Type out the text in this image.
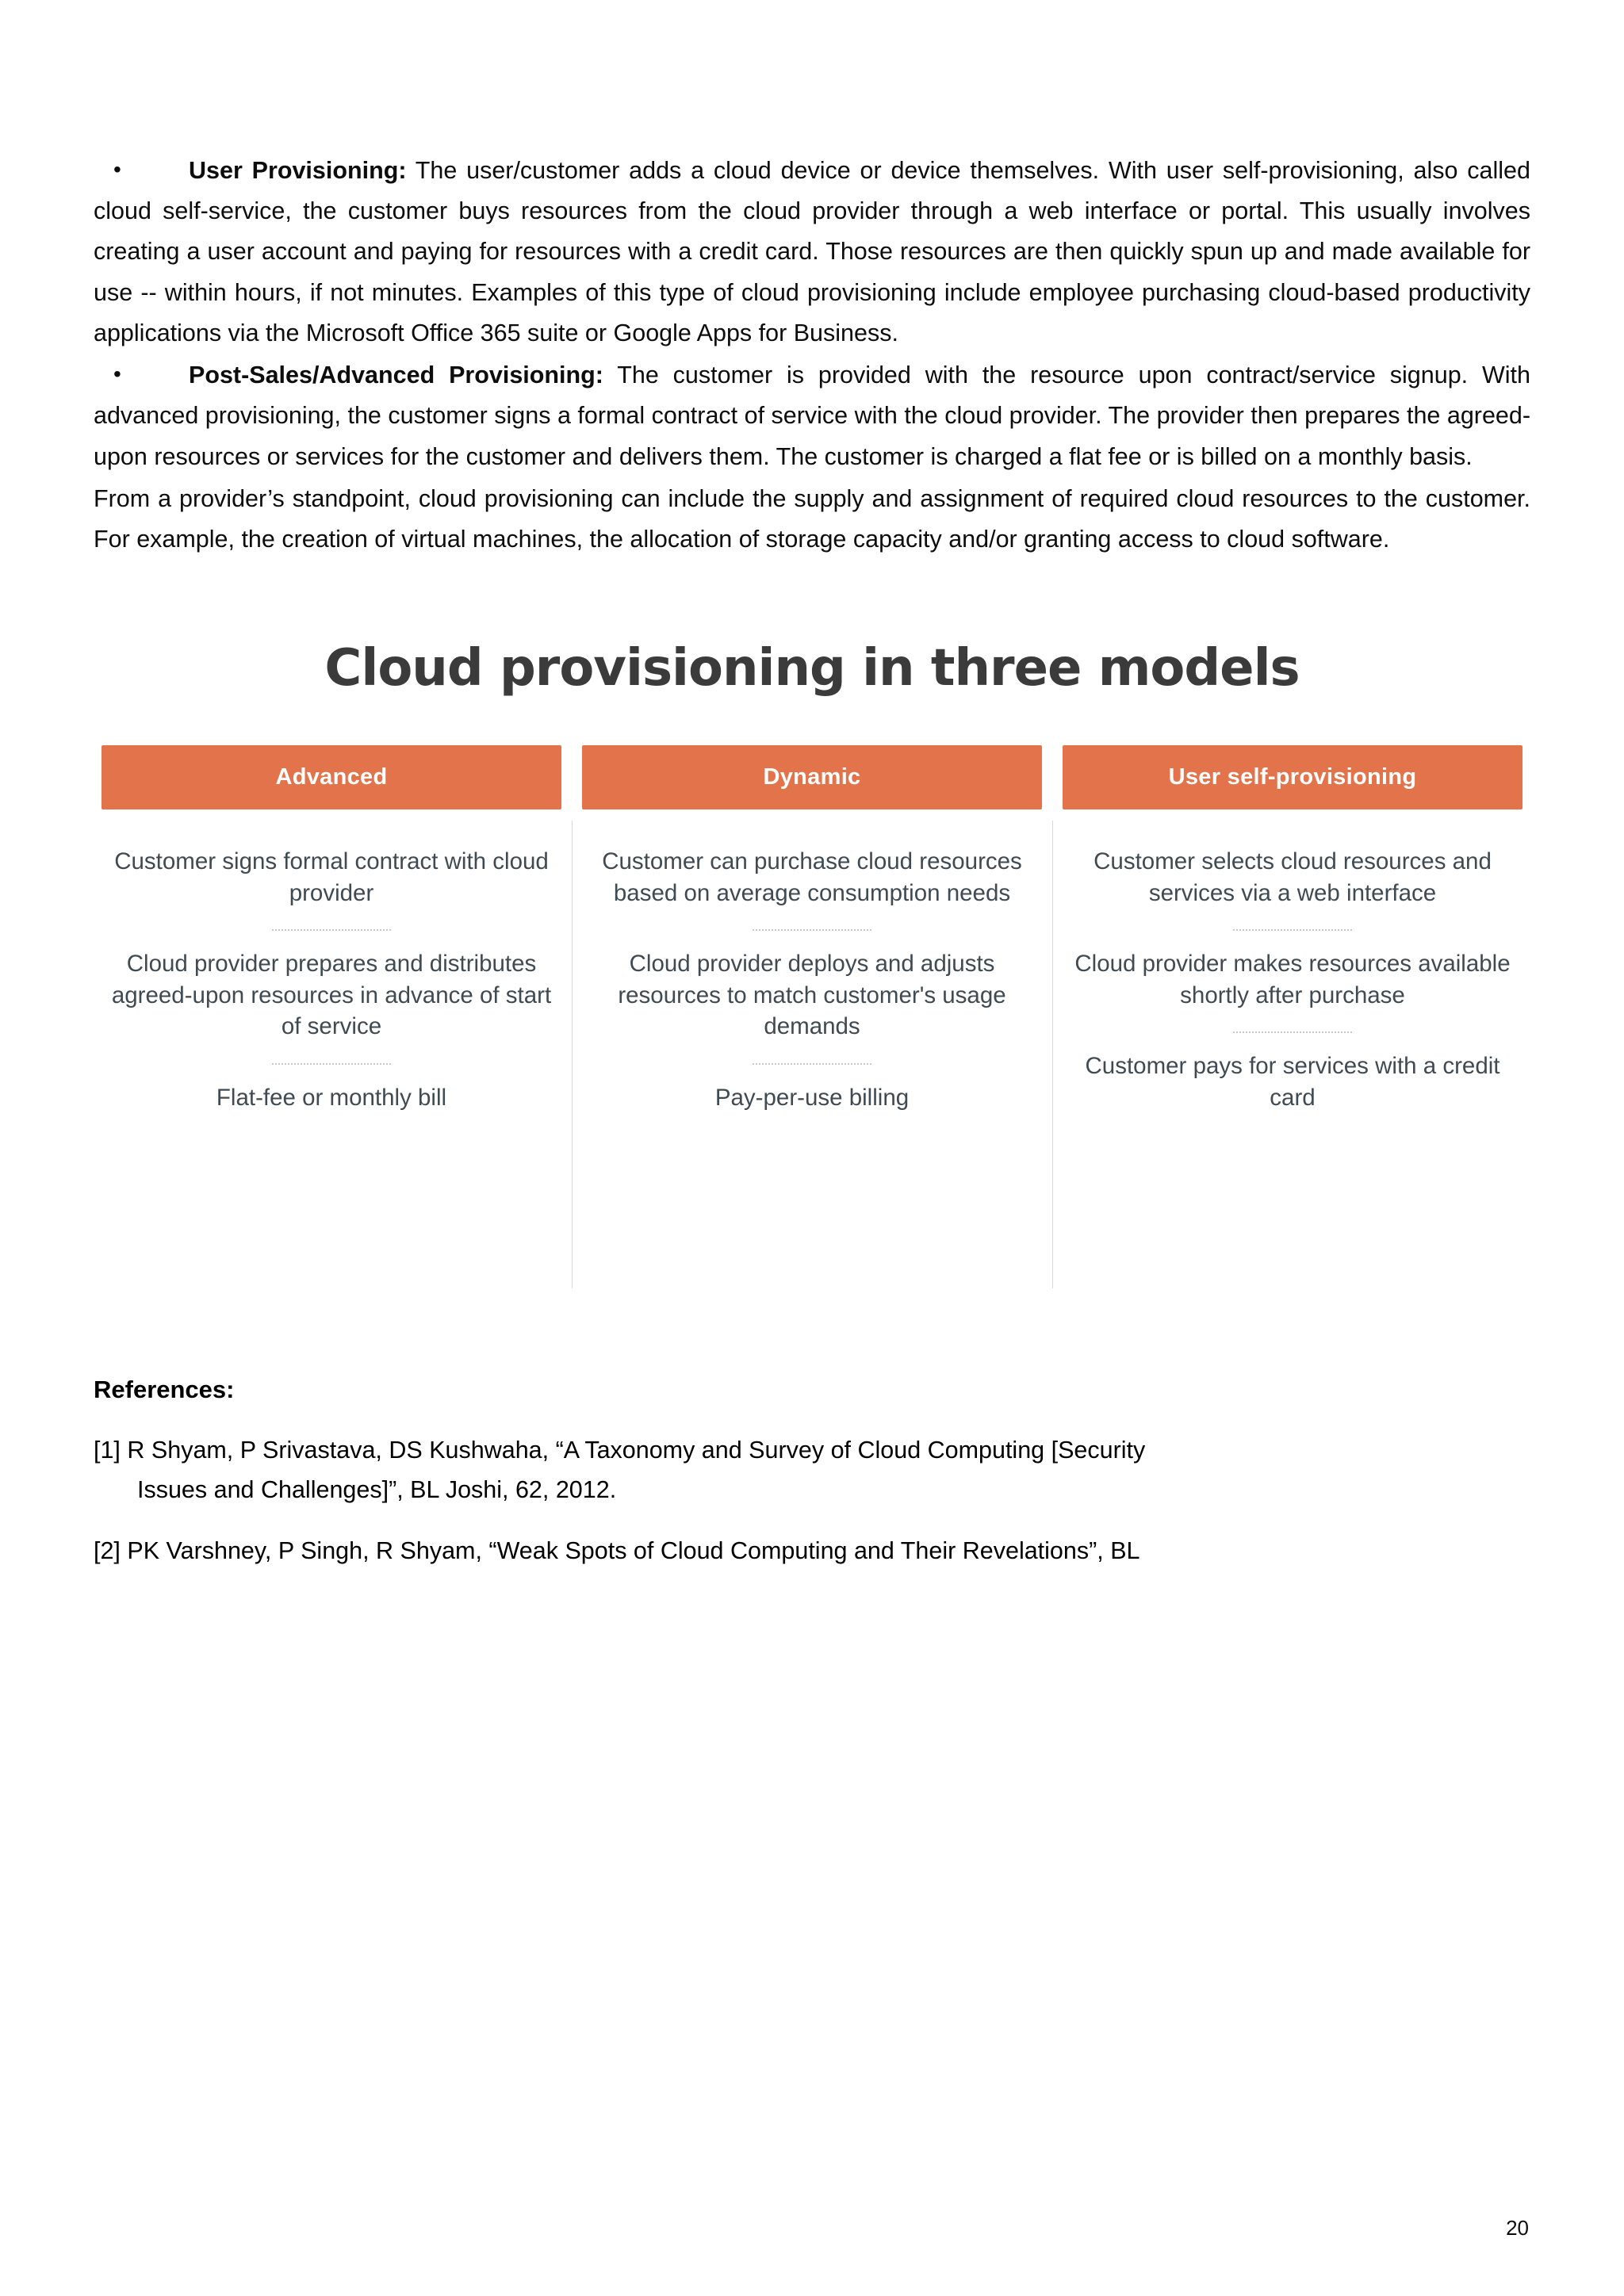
•	User Provisioning: The user/customer adds a cloud device or device themselves. With user self-provisioning, also called cloud self-service, the customer buys resources from the cloud provider through a web interface or portal. This usually involves creating a user account and paying for resources with a credit card. Those resources are then quickly spun up and made available for use -- within hours, if not minutes. Examples of this type of cloud provisioning include employee purchasing cloud-based productivity applications via the Microsoft Office 365 suite or Google Apps for Business.

•	Post-Sales/Advanced Provisioning: The customer is provided with the resource upon contract/service signup. With advanced provisioning, the customer signs a formal contract of service with the cloud provider. The provider then prepares the agreed-upon resources or services for the customer and delivers them. The customer is charged a flat fee or is billed on a monthly basis.

From a provider’s standpoint, cloud provisioning can include the supply and assignment of required cloud resources to the customer. For example, the creation of virtual machines, the allocation of storage capacity and/or granting access to cloud software.

Cloud provisioning in three models
Advanced
Customer signs formal contract with cloud provider
Cloud provider prepares and distributes agreed-upon resources in advance of start of service
Flat-fee or monthly bill
Dynamic
Customer can purchase cloud resources based on average consumption needs
Cloud provider deploys and adjusts resources to match customer's usage demands
Pay-per-use billing
User self-provisioning
Customer selects cloud resources and services via a web interface
Cloud provider makes resources available shortly after purchase
Customer pays for services with a credit card
References:
[1] R Shyam, P Srivastava, DS Kushwaha, “A Taxonomy and Survey of Cloud Computing [Security
Issues and Challenges]”, BL Joshi, 62, 2012.
[2] PK Varshney, P Singh, R Shyam, “Weak Spots of Cloud Computing and Their Revelations”, BL
20
